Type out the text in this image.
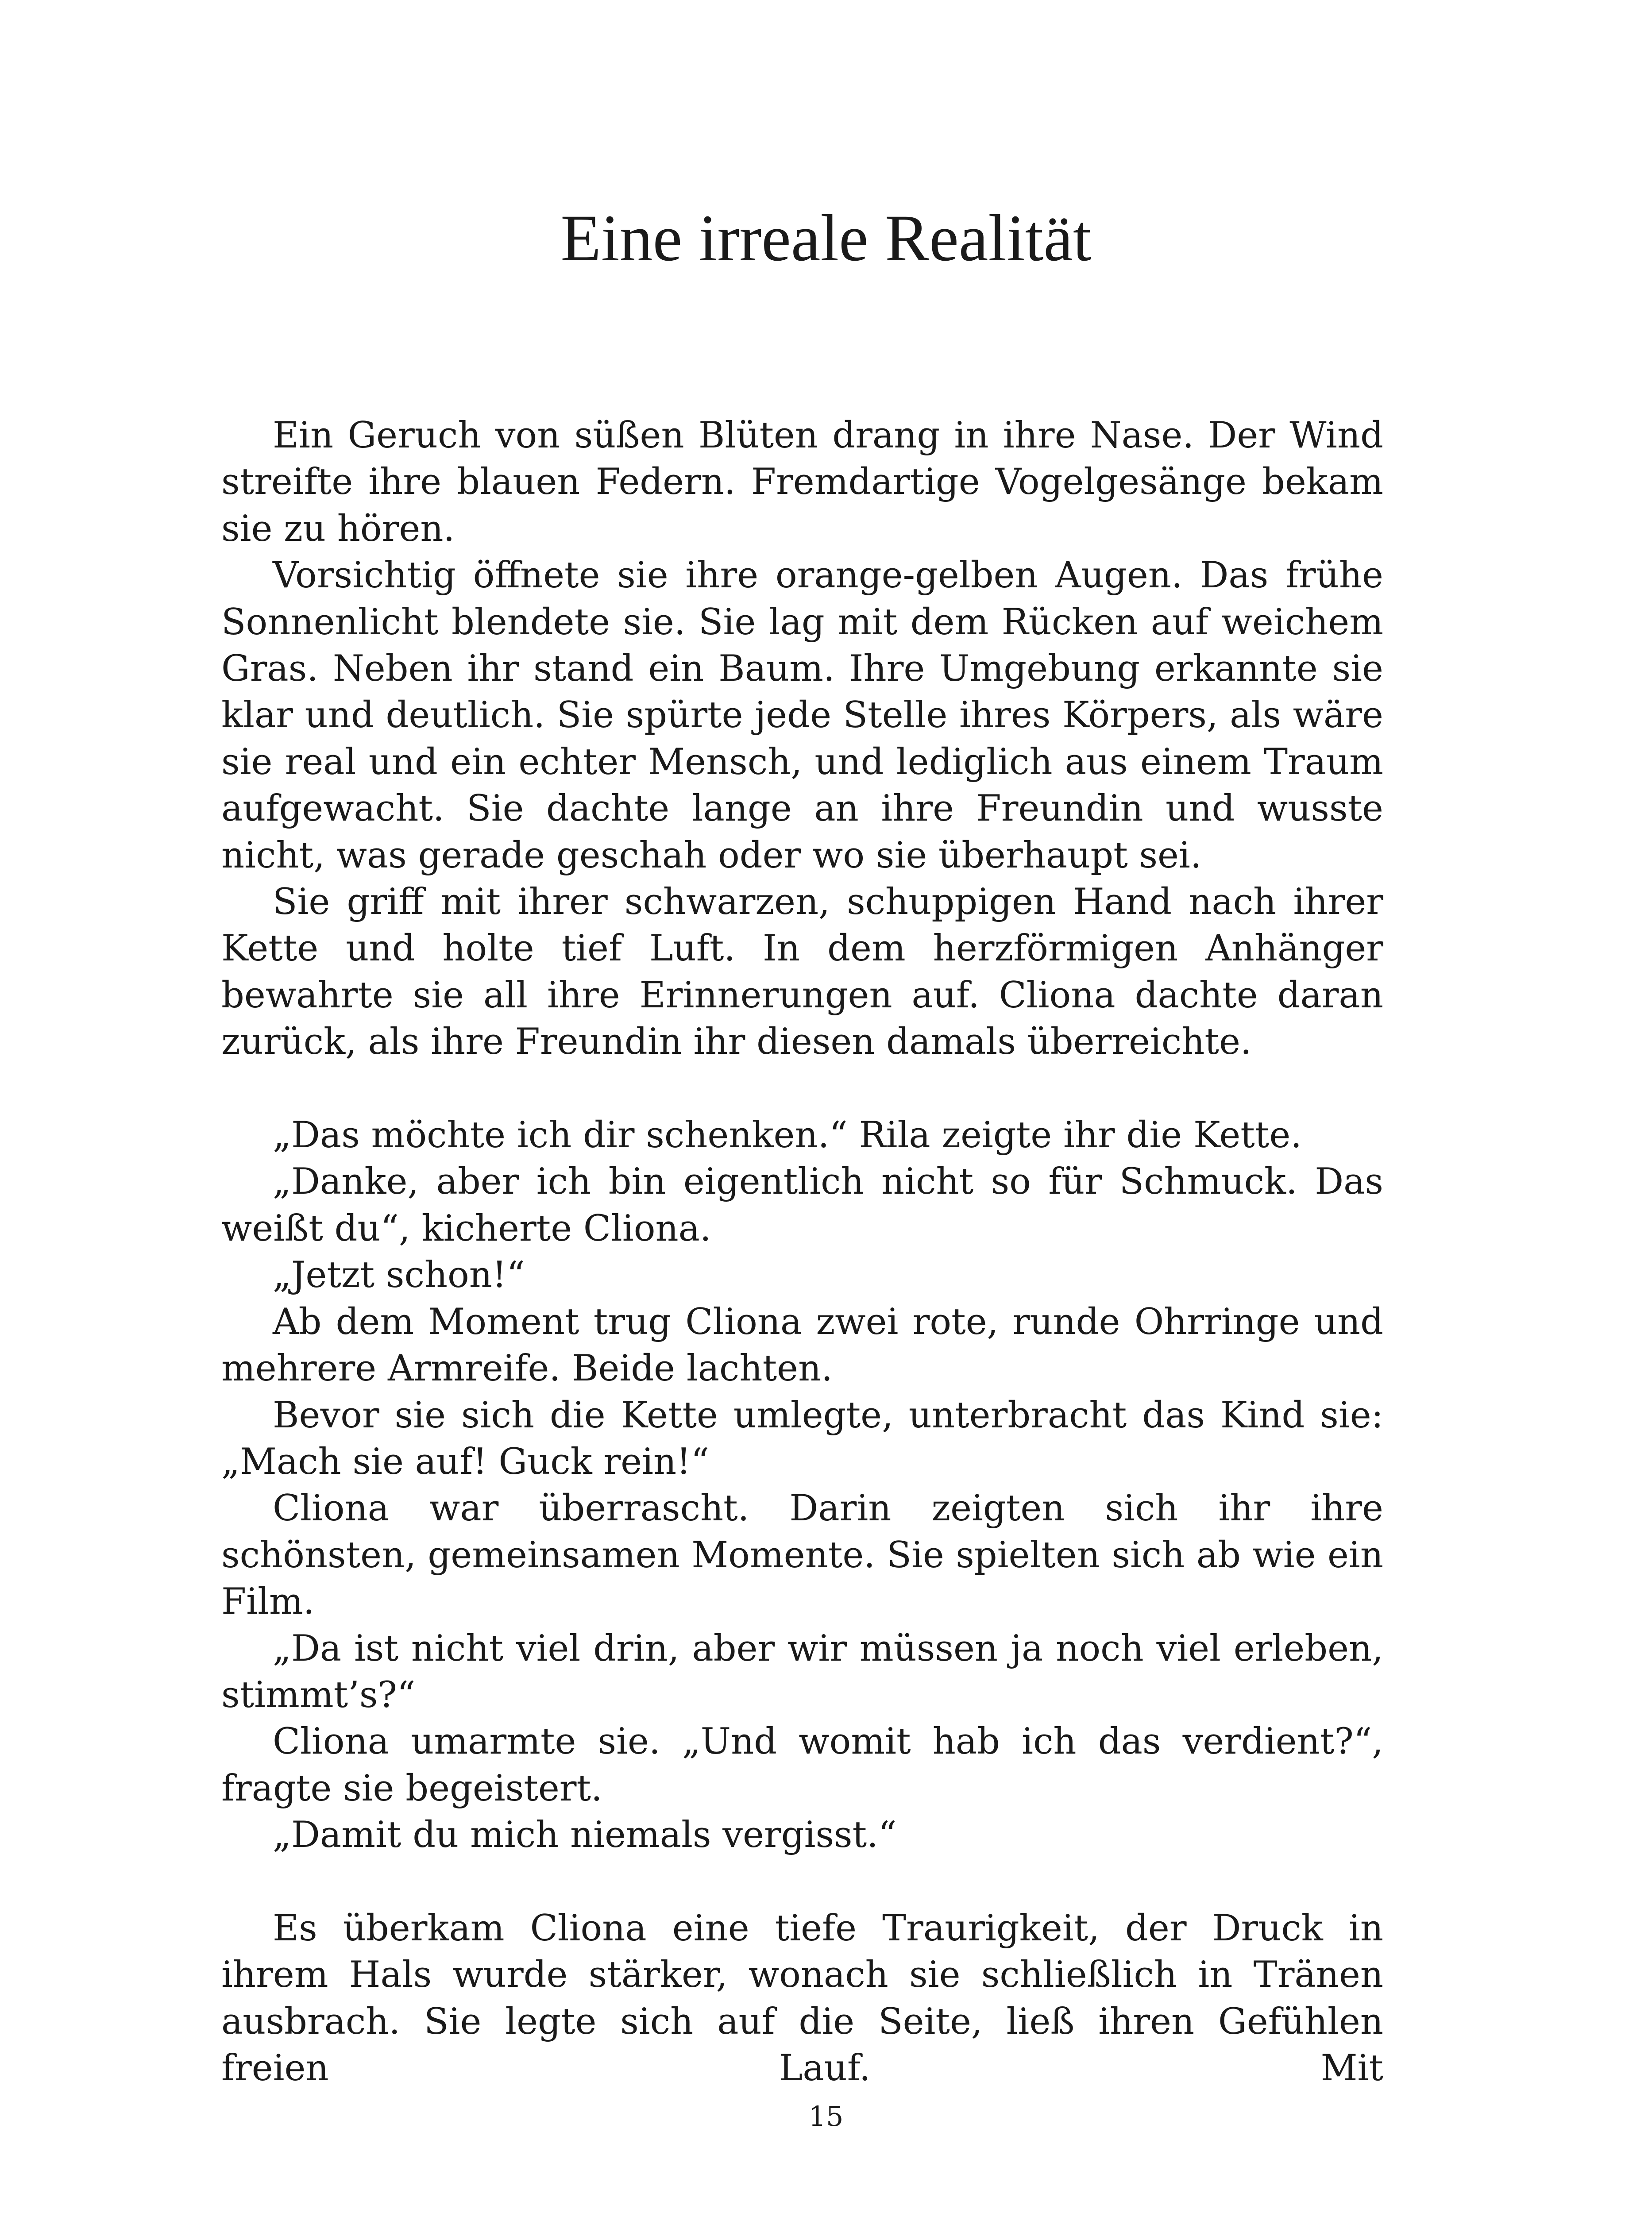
Eine irreale Realität

Ein Geruch von süßen Blüten drang in ihre Nase. Der Wind streifte ihre blauen Federn. Fremdartige Vogelgesänge bekam sie zu hören.

Vorsichtig öffnete sie ihre orange-gelben Augen. Das frühe Sonnenlicht blendete sie. Sie lag mit dem Rücken auf weichem Gras. Neben ihr stand ein Baum. Ihre Umgebung erkannte sie klar und deutlich. Sie spürte jede Stelle ihres Körpers, als wäre sie real und ein echter Mensch, und lediglich aus einem Traum aufgewacht. Sie dachte lange an ihre Freundin und wusste nicht, was gerade geschah oder wo sie überhaupt sei.

Sie griff mit ihrer schwarzen, schuppigen Hand nach ihrer Kette und holte tief Luft. In dem herzförmigen Anhänger bewahrte sie all ihre Erinnerungen auf. Cliona dachte daran zurück, als ihre Freundin ihr diesen damals überreichte.

„Das möchte ich dir schenken.“ Rila zeigte ihr die Kette.

„Danke, aber ich bin eigentlich nicht so für Schmuck. Das weißt du“, kicherte Cliona.

„Jetzt schon!“

Ab dem Moment trug Cliona zwei rote, runde Ohrringe und mehrere Armreife. Beide lachten.

Bevor sie sich die Kette umlegte, unterbracht das Kind sie: „Mach sie auf! Guck rein!“

Cliona war überrascht. Darin zeigten sich ihr ihre schönsten, gemeinsamen Momente. Sie spielten sich ab wie ein Film.

„Da ist nicht viel drin, aber wir müssen ja noch viel erleben, stimmt’s?“

Cliona umarmte sie. „Und womit hab ich das verdient?“, fragte sie begeistert.

„Damit du mich niemals vergisst.“

Es überkam Cliona eine tiefe Traurigkeit, der Druck in ihrem Hals wurde stärker, wonach sie schließlich in Tränen ausbrach. Sie legte sich auf die Seite, ließ ihren Gefühlen freien Lauf. Mit

15
